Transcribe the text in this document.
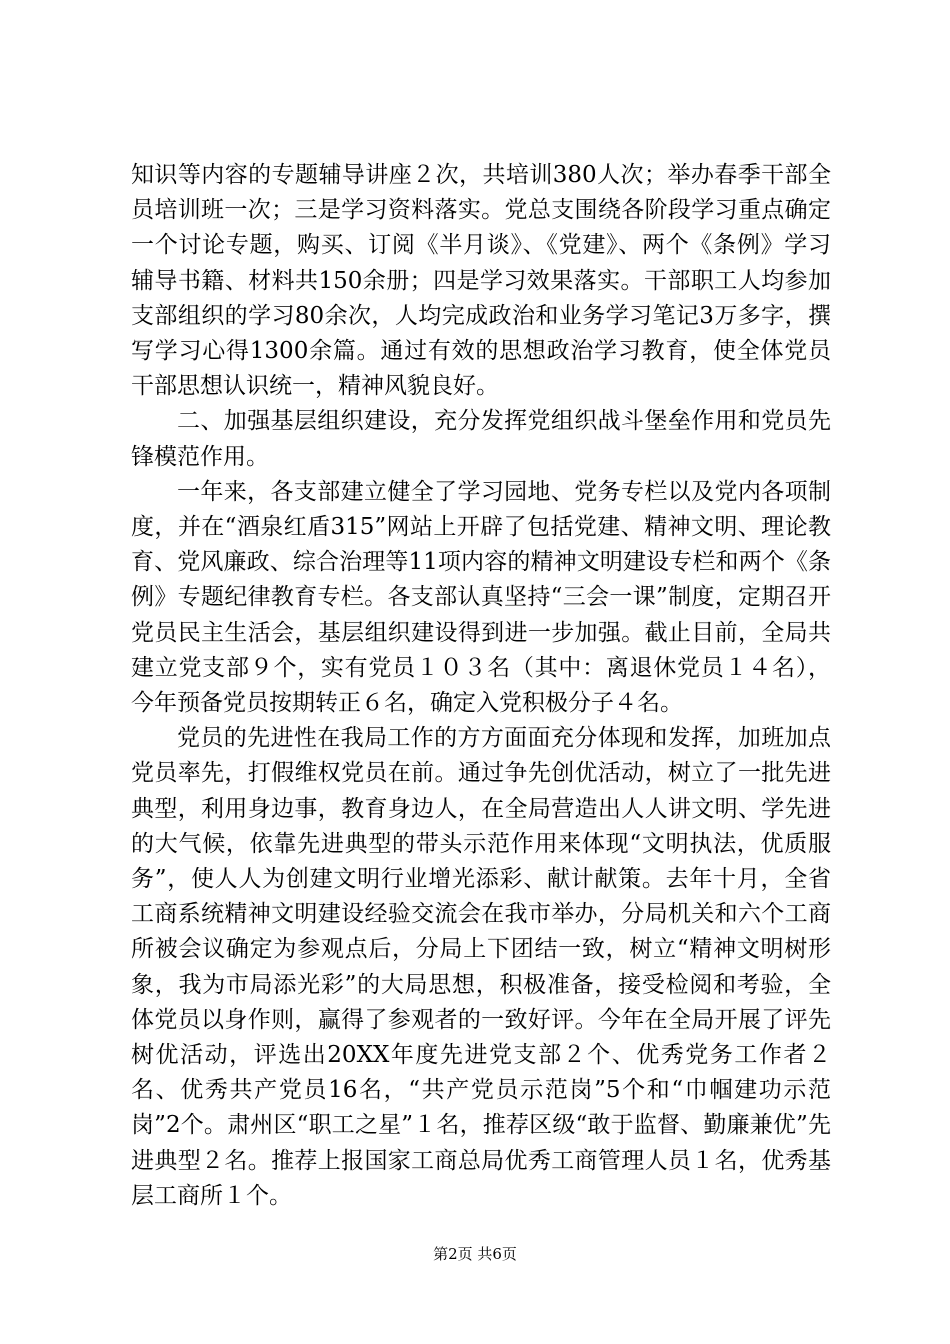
知识等内容的专题辅导讲座２次，共培训380人次；举办春季干部全员培训班一次；三是学习资料落实。党总支围绕各阶段学习重点确定一个讨论专题，购买、订阅《半月谈》、《党建》、两个《条例》学习辅导书籍、材料共150余册；四是学习效果落实。干部职工人均参加支部组织的学习80余次，人均完成政治和业务学习笔记3万多字，撰写学习心得1300余篇。通过有效的思想政治学习教育，使全体党员干部思想认识统一，精神风貌良好。

二、加强基层组织建设，充分发挥党组织战斗堡垒作用和党员先锋模范作用。

一年来，各支部建立健全了学习园地、党务专栏以及党内各项制度，并在“酒泉红盾315”网站上开辟了包括党建、精神文明、理论教育、党风廉政、综合治理等11项内容的精神文明建设专栏和两个《条例》专题纪律教育专栏。各支部认真坚持“三会一课”制度，定期召开党员民主生活会，基层组织建设得到进一步加强。截止目前，全局共建立党支部９个，实有党员１０３名（其中：离退休党员１４名），今年预备党员按期转正６名，确定入党积极分子４名。

党员的先进性在我局工作的方方面面充分体现和发挥，加班加点党员率先，打假维权党员在前。通过争先创优活动，树立了一批先进典型，利用身边事，教育身边人，在全局营造出人人讲文明、学先进的大气候，依靠先进典型的带头示范作用来体现“文明执法，优质服务”，使人人为创建文明行业增光添彩、献计献策。去年十月，全省工商系统精神文明建设经验交流会在我市举办，分局机关和六个工商所被会议确定为参观点后，分局上下团结一致，树立“精神文明树形象，我为市局添光彩”的大局思想，积极准备，接受检阅和考验，全体党员以身作则，赢得了参观者的一致好评。今年在全局开展了评先树优活动，评选出20XX年度先进党支部２个、优秀党务工作者２名、优秀共产党员16名，“共产党员示范岗”5个和“巾帼建功示范岗”2个。肃州区“职工之星”１名，推荐区级“敢于监督、勤廉兼优”先进典型２名。推荐上报国家工商总局优秀工商管理人员１名，优秀基层工商所１个。

第2页 共6页
